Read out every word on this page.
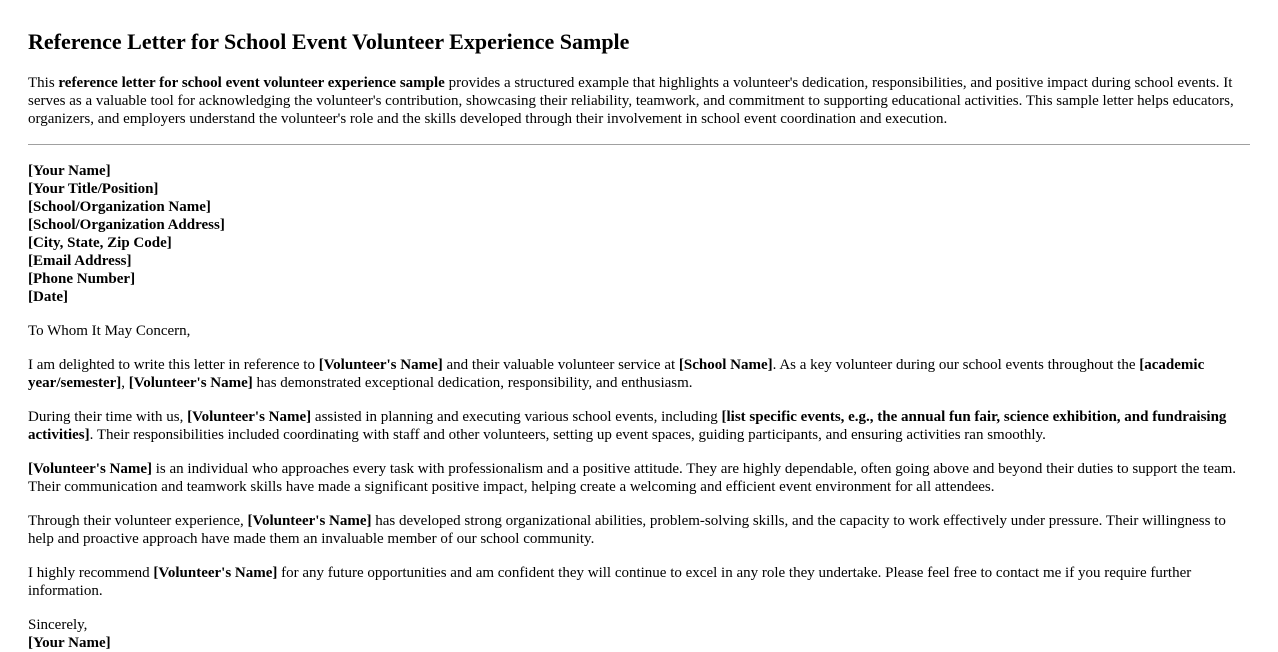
Reference Letter for School Event Volunteer Experience Sample

This reference letter for school event volunteer experience sample provides a structured example that highlights a volunteer's dedication, responsibilities, and positive impact during school events. It serves as a valuable tool for acknowledging the volunteer's contribution, showcasing their reliability, teamwork, and commitment to supporting educational activities. This sample letter helps educators, organizers, and employers understand the volunteer's role and the skills developed through their involvement in school event coordination and execution.

[Your Name]
[Your Title/Position]
[School/Organization Name]
[School/Organization Address]
[City, State, Zip Code]
[Email Address]
[Phone Number]
[Date]

To Whom It May Concern,

I am delighted to write this letter in reference to [Volunteer's Name] and their valuable volunteer service at [School Name]. As a key volunteer during our school events throughout the [academic year/semester], [Volunteer's Name] has demonstrated exceptional dedication, responsibility, and enthusiasm.

During their time with us, [Volunteer's Name] assisted in planning and executing various school events, including [list specific events, e.g., the annual fun fair, science exhibition, and fundraising activities]. Their responsibilities included coordinating with staff and other volunteers, setting up event spaces, guiding participants, and ensuring activities ran smoothly.

[Volunteer's Name] is an individual who approaches every task with professionalism and a positive attitude. They are highly dependable, often going above and beyond their duties to support the team. Their communication and teamwork skills have made a significant positive impact, helping create a welcoming and efficient event environment for all attendees.

Through their volunteer experience, [Volunteer's Name] has developed strong organizational abilities, problem-solving skills, and the capacity to work effectively under pressure. Their willingness to help and proactive approach have made them an invaluable member of our school community.

I highly recommend [Volunteer's Name] for any future opportunities and am confident they will continue to excel in any role they undertake. Please feel free to contact me if you require further information.

Sincerely,
[Your Name]
